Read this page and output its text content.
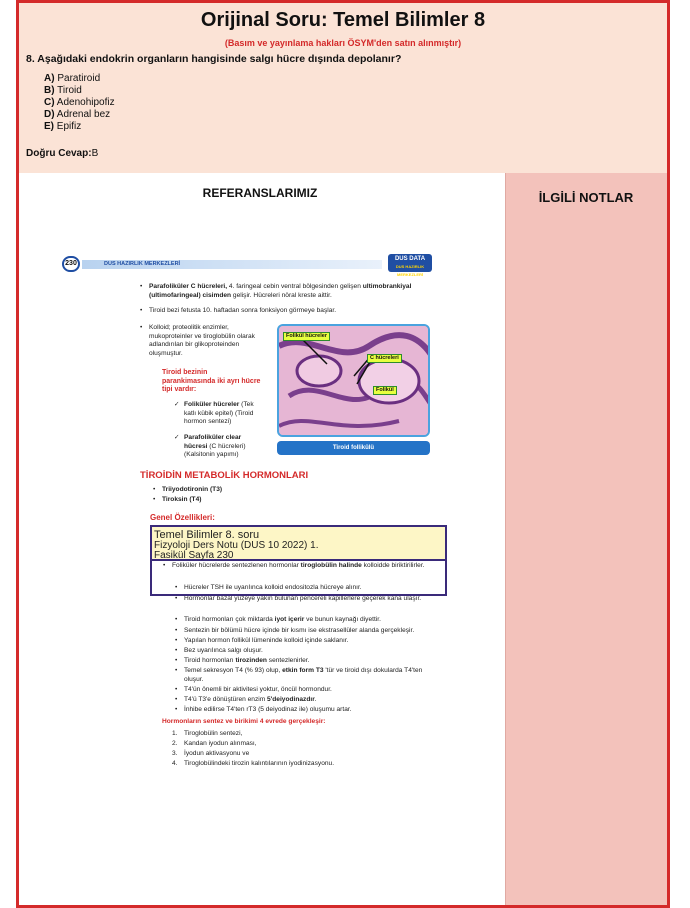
Orijinal Soru: Temel Bilimler 8
(Basım ve yayınlama hakları ÖSYM'den satın alınmıştır)
8. Aşağıdaki endokrin organların hangisinde salgı hücre dışında depolanır?
A) Paratiroid
B) Tiroid
C) Adenohipofiz
D) Adrenal bez
E) Epifiz
Doğru Cevap:B
REFERANSLARIMIZ	İLGİLİ NOTLAR
DUS HAZIRLIK MERKEZLERİ
230
DUS DATA
DUS HAZIRLIK MERKEZLERİ
• Parafoliküler C hücreleri, 4. faringeal cebin ventral bölgesinden gelişen ultimobrankiyal (ultimofaringeal) cisimden gelişir. Hücreleri nöral kreste aittir.
• Tiroid bezi fetusta 10. haftadan sonra fonksiyon görmeye başlar.
• Kolloid; proteolitik enzimler, mukoproteinler ve tiroglobülin olarak adlandırılan bir glikoproteinden oluşmuştur.
Tiroid bezinin parankimasında iki ayrı hücre tipi vardır:
✓ Foliküler hücreler (Tek katlı kübik epitel) (Tiroid hormon sentezi)
✓ Parafoliküler clear hücresi (C hücreleri) (Kalsitonin yapımı)
Folikül hücreler
C hücreleri
Folikül
Tiroid follikülü
TİROİDİN METABOLİK HORMONLARI
• Triiyodotironin (T3)
• Tiroksin (T4)
Genel Özellikleri:
• Foliküler hücrelerde sentezlenen hormonlar tiroglobülin halinde kolloidde biriktirilirler.
• Hücreler TSH ile uyarılınca kolloid endositozla hücreye alınır.
• Hormonlar bazal yüzeye yakın bulunan pencereli kapillerlere geçerek kana ulaşır.
• Tiroid hormonları çok miktarda iyot içerir ve bunun kaynağı diyettir.
• Sentezin bir bölümü hücre içinde bir kısmı ise ekstrasellüler alanda gerçekleşir.
• Yapılan hormon follikül lümeninde kolloid içinde saklanır.
• Bez uyarılınca salgı oluşur.
• Tiroid hormonları tirozinden sentezlenirler.
• Temel sekresyon T4 (% 93) olup, etkin form T3 'tür ve tiroid dışı dokularda T4'ten oluşur.
• T4'ün önemli bir aktivitesi yoktur, öncül hormondur.
• T4'ü T3'e dönüştüren enzim 5'deiyodinazdır.
• İnhibe edilirse T4'ten rT3 (5 deiyodinaz ile) oluşumu artar.
Hormonların sentez ve birikimi 4 evrede gerçekleşir:
1. Tiroglobülin sentezi,
2. Kandan iyodun alınması,
3. İyodun aktivasyonu ve
4. Tiroglobülindeki tirozin kalıntılarının iyodinizasyonu.
Temel Bilimler 8. soru
Fizyoloji Ders Notu (DUS 10 2022) 1.
Fasikül Sayfa 230
